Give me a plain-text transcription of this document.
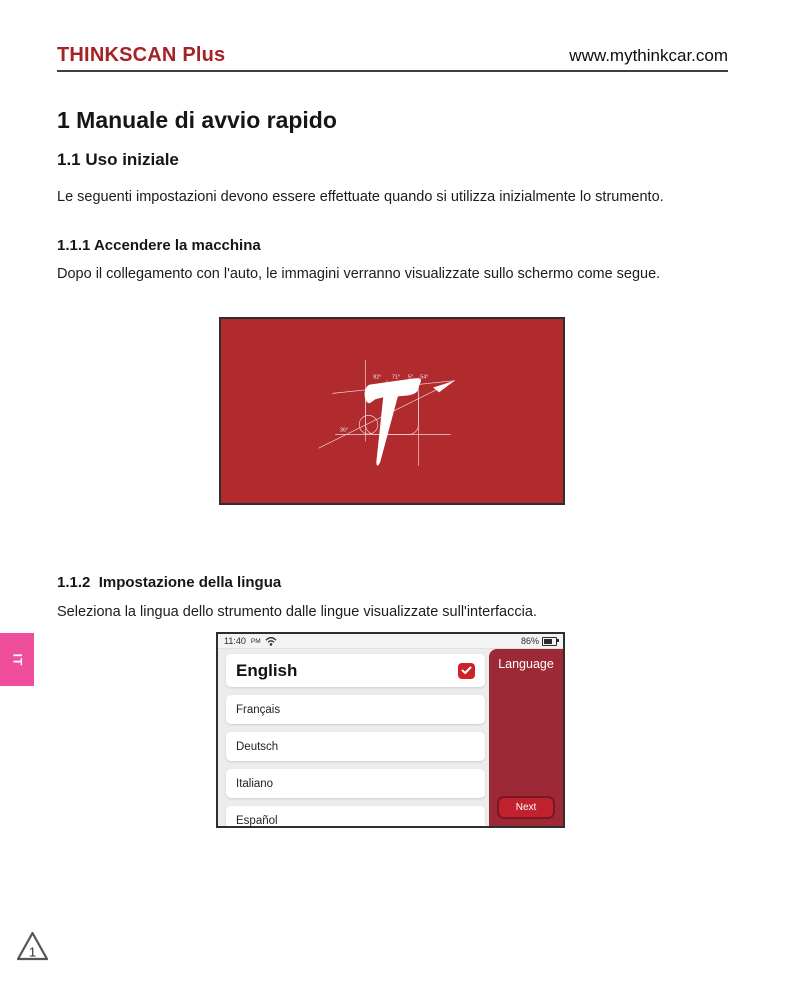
THINKSCAN Plus	www.mythinkcar.com
1 Manuale di avvio rapido
1.1 Uso iniziale
Le seguenti impostazioni devono essere effettuate quando si utilizza inizialmente lo strumento.
1.1.1 Accendere la macchina
Dopo il collegamento con l'auto, le immagini verranno visualizzate sullo schermo come segue.
82° 71° 5° 54°
36°
1.1.2  Impostazione della lingua
Seleziona la lingua dello strumento dalle lingue visualizzate sull'interfaccia.
11:40 PM	86%
English
Français
Deutsch
Italiano
Español
Language
Next
IT
1
